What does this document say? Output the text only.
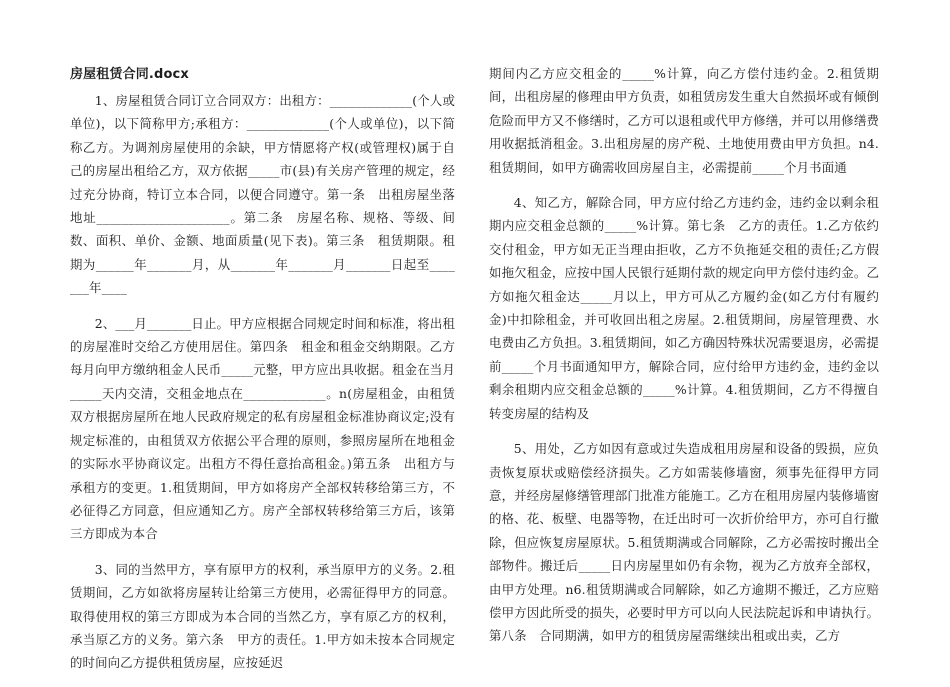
房屋租赁合同.docx

1、房屋租赁合同订立合同双方：出租方：_____________(个人或单位)，以下简称甲方;承租方：_____________(个人或单位)，以下简称乙方。为调剂房屋使用的余缺，甲方情愿将产权(或管理权)属于自己的房屋出租给乙方，双方依据_____市(县)有关房产管理的规定，经过充分协商，特订立本合同，以便合同遵守。第一条　出租房屋坐落地址_____________________。第二条　房屋名称、规格、等级、间数、面积、单价、金额、地面质量(见下表)。第三条　租赁期限。租期为______年_______月，从_______年_______月_______日起至_______年____

2、___月_______日止。甲方应根据合同规定时间和标准，将出租的房屋准时交给乙方使用居住。第四条　租金和租金交纳期限。乙方每月向甲方缴纳租金人民币_____元整，甲方应出具收据。租金在当月_____天内交清，交租金地点在_____________。n(房屋租金，由租赁双方根据房屋所在地人民政府规定的私有房屋租金标准协商议定;没有规定标准的，由租赁双方依据公平合理的原则，参照房屋所在地租金的实际水平协商议定。出租方不得任意抬高租金。)第五条　出租方与承租方的变更。1.租赁期间，甲方如将房产全部权转移给第三方，不必征得乙方同意，但应通知乙方。房产全部权转移给第三方后，该第三方即成为本合

3、同的当然甲方，享有原甲方的权利，承当原甲方的义务。2.租赁期间，乙方如欲将房屋转让给第三方使用，必需征得甲方的同意。取得使用权的第三方即成为本合同的当然乙方，享有原乙方的权利，承当原乙方的义务。第六条　甲方的责任。1.甲方如未按本合同规定的时间向乙方提供租赁房屋，应按延迟

期间内乙方应交租金的_____%计算，向乙方偿付违约金。2.租赁期间，出租房屋的修理由甲方负责，如租赁房发生重大自然损坏或有倾倒危险而甲方又不修缮时，乙方可以退租或代甲方修缮，并可以用修缮费用收据抵消租金。3.出租房屋的房产税、土地使用费由甲方负担。n4.租赁期间，如甲方确需收回房屋自主，必需提前_____个月书面通

4、知乙方，解除合同，甲方应付给乙方违约金，违约金以剩余租期内应交租金总额的_____%计算。第七条　乙方的责任。1.乙方依约交付租金，甲方如无正当理由拒收，乙方不负拖延交租的责任;乙方假如拖欠租金，应按中国人民银行延期付款的规定向甲方偿付违约金。乙方如拖欠租金达_____月以上，甲方可从乙方履约金(如乙方付有履约金)中扣除租金，并可收回出租之房屋。2.租赁期间，房屋管理费、水电费由乙方负担。3.租赁期间，如乙方确因特殊状况需要退房，必需提前_____个月书面通知甲方，解除合同，应付给甲方违约金，违约金以剩余租期内应交租金总额的_____%计算。4.租赁期间，乙方不得擅自转变房屋的结构及

5、用处，乙方如因有意或过失造成租用房屋和设备的毁损，应负责恢复原状或赔偿经济损失。乙方如需装修墙窗，须事先征得甲方同意，并经房屋修缮管理部门批准方能施工。乙方在租用房屋内装修墙窗的格、花、板壁、电器等物，在迁出时可一次折价给甲方，亦可自行撤除，但应恢复房屋原状。5.租赁期满或合同解除，乙方必需按时搬出全部物件。搬迁后_____日内房屋里如仍有余物，视为乙方放弃全部权，由甲方处理。n6.租赁期满或合同解除，如乙方逾期不搬迁，乙方应赔偿甲方因此所受的损失，必要时甲方可以向人民法院起诉和申请执行。第八条　合同期满，如甲方的租赁房屋需继续出租或出卖，乙方
